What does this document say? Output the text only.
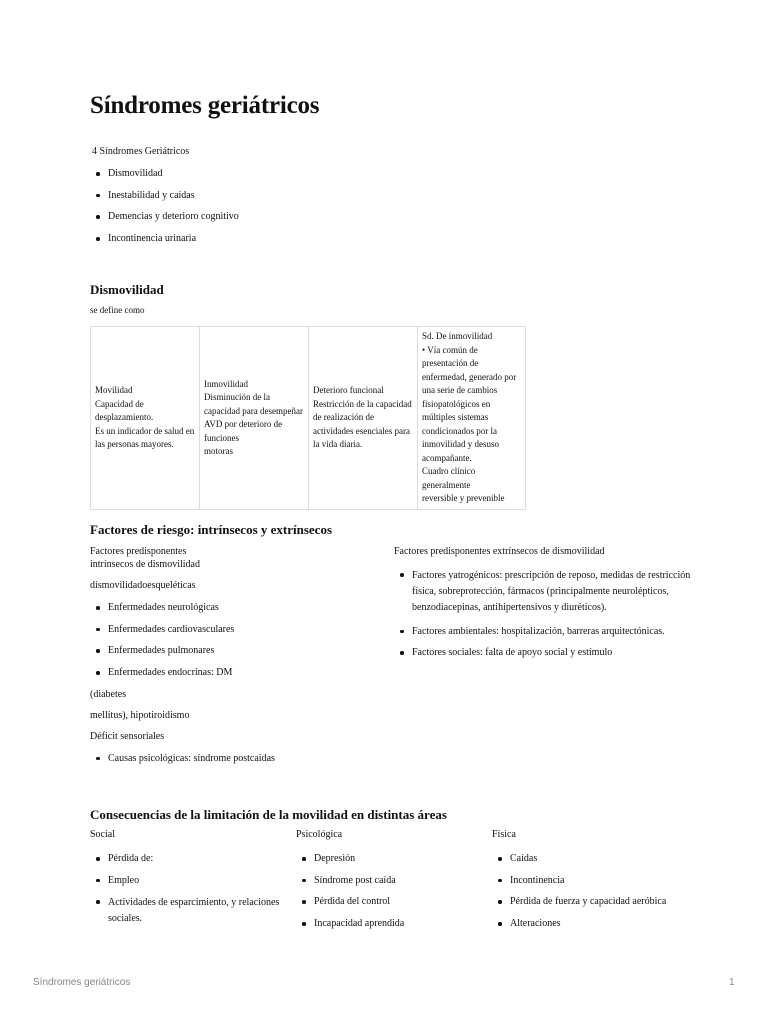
Síndromes geriátricos
4 Síndromes Geriátricos
Dismovilidad
Inestabilidad y caídas
Demencias y deterioro cognitivo
Incontinencia urinaria
Dismovilidad
se define como
Movilidad
Capacidad de
desplazamiento.
Es un indicador de salud en
las personas mayores.	Inmovilidad
Disminución de la
capacidad para desempeñar
AVD por deterioro de
funciones
motoras	Deterioro funcional
Restricción de la capacidad
de realización de
actividades esenciales para
la vida diaria.	Sd. De inmovilidad
• Vía común de
presentación de
enfermedad, generado por
una serie de cambios
fisiopatológicos en
múltiples sistemas
condicionados por la
inmovilidad y desuso
acompañante.
Cuadro clínico
generalmente
reversible y prevenible
Factores de riesgo: intrínsecos y extrínsecos

Factores predisponentes

intrínsecos de dismovilidad

dismovilidadoesqueléticas

Enfermedades neurológicas
Enfermedades cardiovasculares
Enfermedades pulmonares
Enfermedades endocrinas: DM

(diabetes

mellitus), hipotiroidismo

Déficit sensoriales

Causas psicológicas: síndrome postcaidas

Factores predisponentes extrínsecos de dismovilidad

Factores yatrogénicos: prescripción de reposo, medidas de restricción física, sobreprotección, fármacos (principalmente neurolépticos, benzodiacepinas, antihipertensivos y diuréticos).
Factores ambientales: hospitalización, barreras arquitectónicas.
Factores sociales: falta de apoyo social y estímulo
Consecuencias de la limitación de la movilidad en distintas áreas

Social

Pérdida de:
Empleo
Actividades de esparcimiento, y relaciones sociales.

Psicológica

Depresión
Síndrome post caída
Pérdida del control
Incapacidad aprendida

Física

Caídas
Incontinencia
Pérdida de fuerza y capacidad aeróbica
Alteraciones
Síndromes geriátricos	1
